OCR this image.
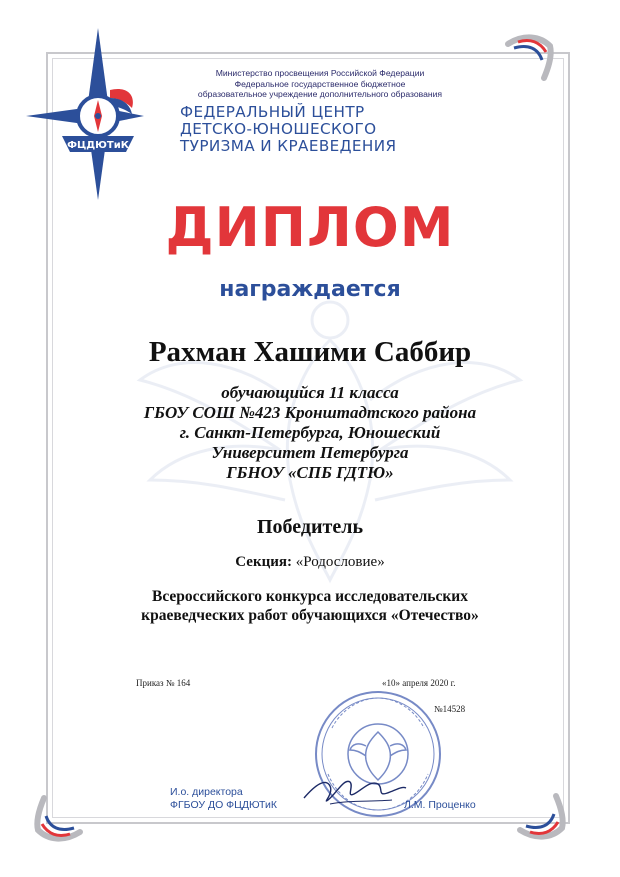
ФЦДЮТиК
Министерство просвещения Российской Федерации
Федеральное государственное бюджетное
образовательное учреждение дополнительного образования
ФЕДЕРАЛЬНЫЙ ЦЕНТР
ДЕТСКО-ЮНОШЕСКОГО
ТУРИЗМА И КРАЕВЕДЕНИЯ
ДИПЛОМ
награждается
Рахман Хашими Саббир
обучающийся 11 класса
ГБОУ СОШ №423 Кронштадтского района
г. Санкт-Петербурга, Юношеский
Университет Петербурга
ГБНОУ «СПБ ГДТЮ»
Победитель
Секция: «Родословие»
Всероссийского конкурса исследовательских
краеведческих работ обучающихся «Отечество»
Приказ № 164	«10» апреля 2020 г.
№14528
И.о. директора
ФГБОУ ДО ФЦДЮТиК	Л.М. Проценко
